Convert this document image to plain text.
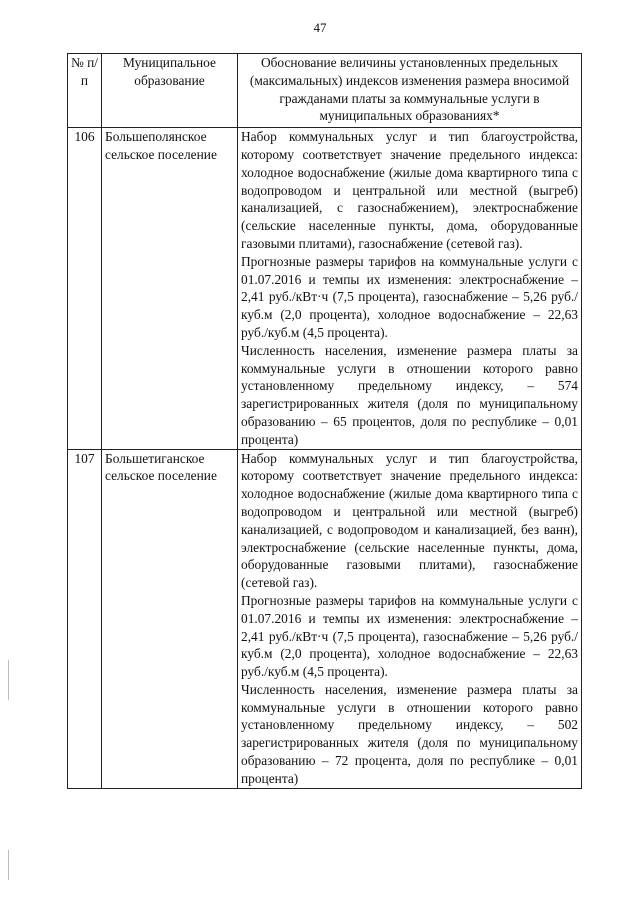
47
№ п/п	Муниципальное образование	Обоснование величины установленных предельных (максимальных) индексов изменения размера вносимой гражданами платы за коммунальные услуги в муниципальных образованиях*
106	Большеполянское сельское поселение	Набор коммунальных услуг и тип благоустройства, которому соответствует значение предельного индекса: холодное водоснабжение (жилые дома квартирного типа с водопроводом и центральной или местной (выгреб) канализацией, с газоснабжением), электроснабжение (сельские населенные пункты, дома, оборудованные газовыми плитами), газоснабжение (сетевой газ).

Прогнозные размеры тарифов на коммунальные услуги с 01.07.2016 и темпы их изменения: электроснабжение – 2,41 руб./кВт·ч (7,5 процента), газоснабжение – 5,26 руб./куб.м (2,0 процента), холодное водоснабжение – 22,63 руб./куб.м (4,5 процента).

Численность населения, изменение размера платы за коммунальные услуги в отношении которого равно установленному предельному индексу, – 574 зарегистрированных жителя (доля по муниципальному образованию – 65 процентов, доля по республике – 0,01 процента)

107	Большетиганское сельское поселение	Набор коммунальных услуг и тип благоустройства, которому соответствует значение предельного индекса: холодное водоснабжение (жилые дома квартирного типа с водопроводом и центральной или местной (выгреб) канализацией, с водопроводом и канализацией, без ванн), электроснабжение (сельские населенные пункты, дома, оборудованные газовыми плитами), газоснабжение (сетевой газ).

Прогнозные размеры тарифов на коммунальные услуги с 01.07.2016 и темпы их изменения: электроснабжение – 2,41 руб./кВт·ч (7,5 процента), газоснабжение – 5,26 руб./куб.м (2,0 процента), холодное водоснабжение – 22,63 руб./куб.м (4,5 процента).

Численность населения, изменение размера платы за коммунальные услуги в отношении которого равно установленному предельному индексу, – 502 зарегистрированных жителя (доля по муниципальному образованию – 72 процента, доля по республике – 0,01 процента)
